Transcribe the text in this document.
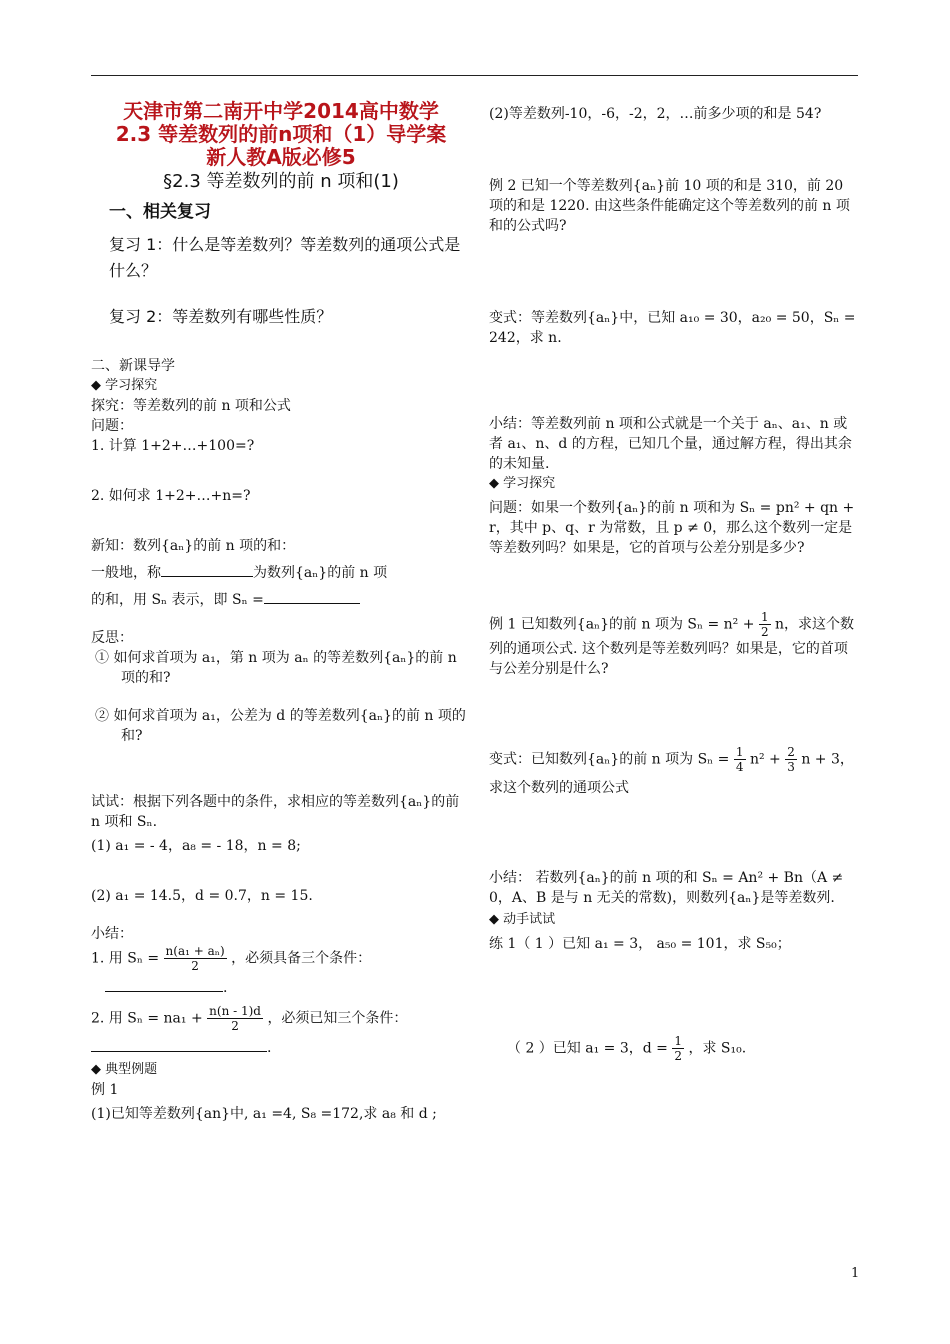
天津市第二南开中学2014高中数学
2.3 等差数列的前n项和（1）导学案
新人教A版必修5
§2.3 等差数列的前 n 项和(1)
一、相关复习
复习 1：什么是等差数列？等差数列的通项公式是什么？
复习 2：等差数列有哪些性质？
二、新课导学
◆ 学习探究
探究：等差数列的前 n 项和公式
问题：
1. 计算 1+2+…+100=?
2. 如何求 1+2+…+n=?
新知：数列{aₙ}的前 n 项的和：
一般地，称	为数列{aₙ}的前 n 项
的和，用 Sₙ 表示，即 Sₙ =
反思：
① 如何求首项为 a₁，第 n 项为 aₙ 的等差数列{aₙ}的前 n 项的和?
② 如何求首项为 a₁，公差为 d 的等差数列{aₙ}的前 n 项的和?
试试：根据下列各题中的条件，求相应的等差数列{aₙ}的前 n 项和 Sₙ.
(1) a₁ = - 4，a₈ = - 18，n = 8;
(2) a₁ = 14.5，d = 0.7，n = 15.
小结：
1. 用 $S_n = \frac{\text{n(a₁ + aₙ)}}{2}$ ，必须具备三个条件：
.
2. 用 $S_n = na_1 + \frac{n(n - 1)d}{2}$ ，必须已知三个条件：
.
◆ 典型例题
例 1
(1)已知等差数列{an}中, a₁ =4, S₈ =172,求 a₈ 和 d ;
(2)等差数列-10，-6，-2，2，…前多少项的和是 54?
例 2 已知一个等差数列{aₙ}前 10 项的和是 310，前 20 项的和是 1220. 由这些条件能确定这个等差数列的前 n 项和的公式吗?
变式：等差数列{aₙ}中，已知 a₁₀ = 30，a₂₀ = 50，Sₙ = 242，求 n.
小结：等差数列前 n 项和公式就是一个关于 aₙ、a₁、n 或者 a₁、n、d 的方程，已知几个量，通过解方程，得出其余的未知量.
◆ 学习探究
问题：如果一个数列{aₙ}的前 n 项和为 Sₙ = pn² + qn + r，其中 p、q、r 为常数，且 p ≠ 0，那么这个数列一定是等差数列吗？如果是，它的首项与公差分别是多少?
例 1 已知数列{aₙ}的前 n 项为 $S_n = n^2 + \frac{1}{2}$ n，求这个数列的通项公式. 这个数列是等差数列吗？如果是，它的首项与公差分别是什么?
变式：已知数列{aₙ}的前 n 项为 $S_n = \frac{1}{4} n^2 + \frac{2}{3}$ n + 3，
求这个数列的通项公式
小结： 若数列{aₙ}的前 n 项的和 Sₙ = An² + Bn（A ≠ 0，A、B 是与 n 无关的常数)，则数列{aₙ}是等差数列.
◆ 动手试试
练 1（ 1 ）已知 a₁ = 3， a₅₀ = 101，求 S₅₀；
（ 2 ）已知 a₁ = 3，$d = \frac{1}{2}$ ，求 S₁₀.
1
